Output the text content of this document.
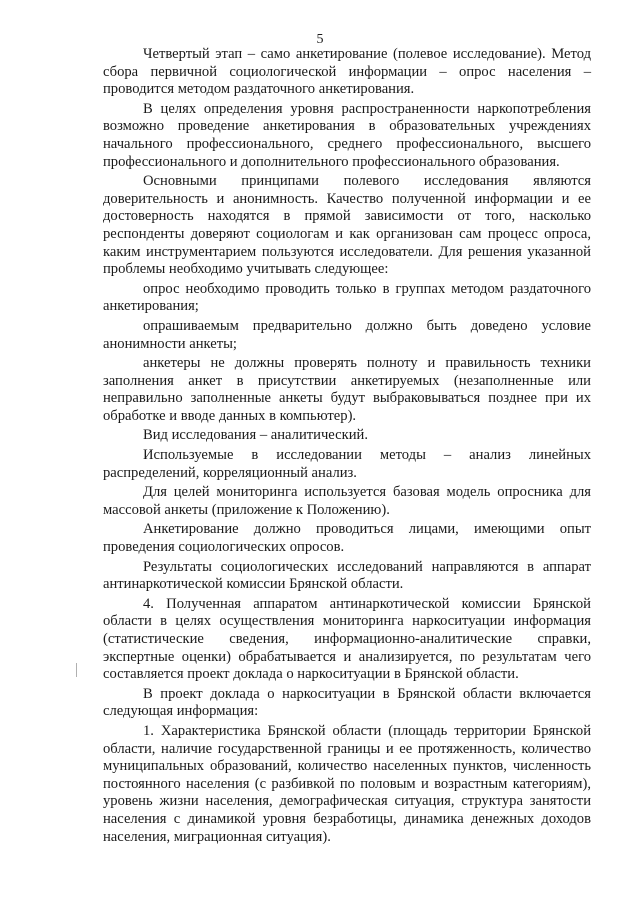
5

Четвертый этап – само анкетирование (полевое исследование). Метод сбора первичной социологической информации – опрос населения – проводится методом раздаточного анкетирования.

В целях определения уровня распространенности наркопотребления возможно проведение анкетирования в образовательных учреждениях начального профессионального, среднего профессионального, высшего профессионального и дополнительного профессионального образования.

Основными принципами полевого исследования являются доверительность и анонимность. Качество полученной информации и ее достоверность находятся в прямой зависимости от того, насколько респонденты доверяют социологам и как организован сам процесс опроса, каким инструментарием пользуются исследователи. Для решения указанной проблемы необходимо учитывать следующее:

опрос необходимо проводить только в группах методом раздаточного анкетирования;

опрашиваемым предварительно должно быть доведено условие анонимности анкеты;

анкетеры не должны проверять полноту и правильность техники заполнения анкет в присутствии анкетируемых (незаполненные или неправильно заполненные анкеты будут выбраковываться позднее при их обработке и вводе данных в компьютер).

Вид исследования – аналитический.

Используемые в исследовании методы – анализ линейных распределений, корреляционный анализ.

Для целей мониторинга используется базовая модель опросника для массовой анкеты (приложение к Положению).

Анкетирование должно проводиться лицами, имеющими опыт проведения социологических опросов.

Результаты социологических исследований направляются в аппарат антинаркотической комиссии Брянской области.

4. Полученная аппаратом антинаркотической комиссии Брянской области в целях осуществления мониторинга наркоситуации информация (статистические сведения, информационно-аналитические справки, экспертные оценки) обрабатывается и анализируется, по результатам чего составляется проект доклада о наркоситуации в Брянской области.

В проект доклада о наркоситуации в Брянской области включается следующая информация:

1. Характеристика Брянской области (площадь территории Брянской области, наличие государственной границы и ее протяженность, количество муниципальных образований, количество населенных пунктов, численность постоянного населения (с разбивкой по половым и возрастным категориям), уровень жизни населения, демографическая ситуация, структура занятости населения с динамикой уровня безработицы, динамика денежных доходов населения, миграционная ситуация).
